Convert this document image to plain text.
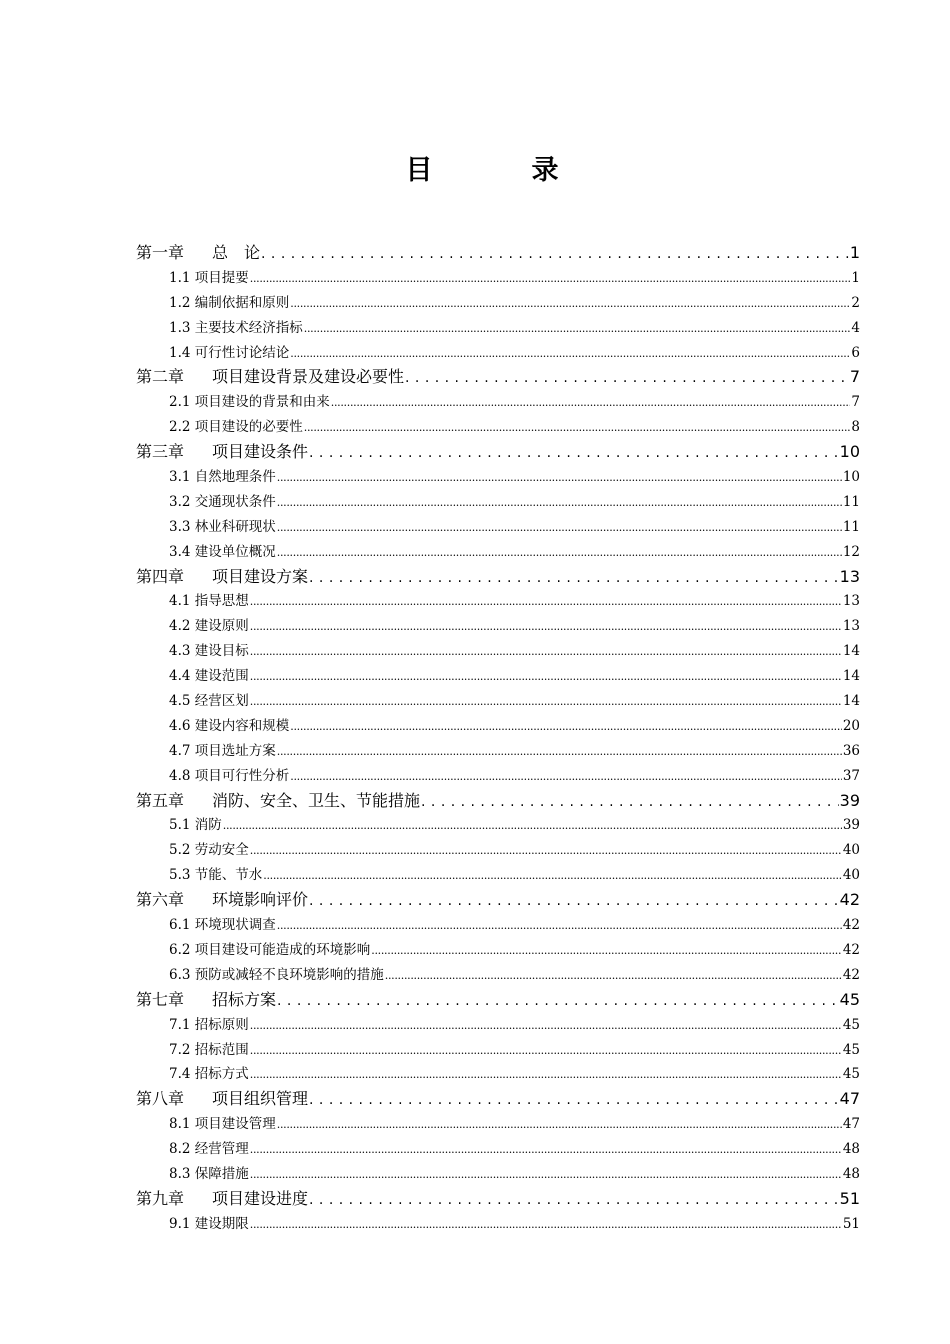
目　录
第一章 总　论 . . .	1
1.1 项目提要 .....	1
1.2 编制依据和原则 .....	2
1.3 主要技术经济指标 .....	4
1.4 可行性讨论结论 .....	6
第二章 项目建设背景及建设必要性 . . .	7
2.1 项目建设的背景和由来 .....	7
2.2 项目建设的必要性 .....	8
第三章 项目建设条件 . . .	10
3.1 自然地理条件 .....	10
3.2 交通现状条件 .....	11
3.3 林业科研现状 .....	11
3.4 建设单位概况 .....	12
第四章 项目建设方案 . . .	13
4.1 指导思想 .....	13
4.2 建设原则 .....	13
4.3 建设目标 .....	14
4.4 建设范围 .....	14
4.5 经营区划 .....	14
4.6 建设内容和规模 .....	20
4.7 项目选址方案 .....	36
4.8 项目可行性分析 .....	37
第五章 消防、安全、卫生、节能措施 . . .	39
5.1 消防 .....	39
5.2 劳动安全 .....	40
5.3 节能、节水 .....	40
第六章 环境影响评价 . . .	42
6.1 环境现状调查 .....	42
6.2 项目建设可能造成的环境影响 .....	42
6.3 预防或减轻不良环境影响的措施 .....	42
第七章 招标方案 . . .	45
7.1 招标原则 .....	45
7.2 招标范围 .....	45
7.4 招标方式 .....	45
第八章 项目组织管理 . . .	47
8.1 项目建设管理 .....	47
8.2 经营管理 .....	48
8.3 保障措施 .....	48
第九章 项目建设进度 . . .	51
9.1 建设期限 .....	51
